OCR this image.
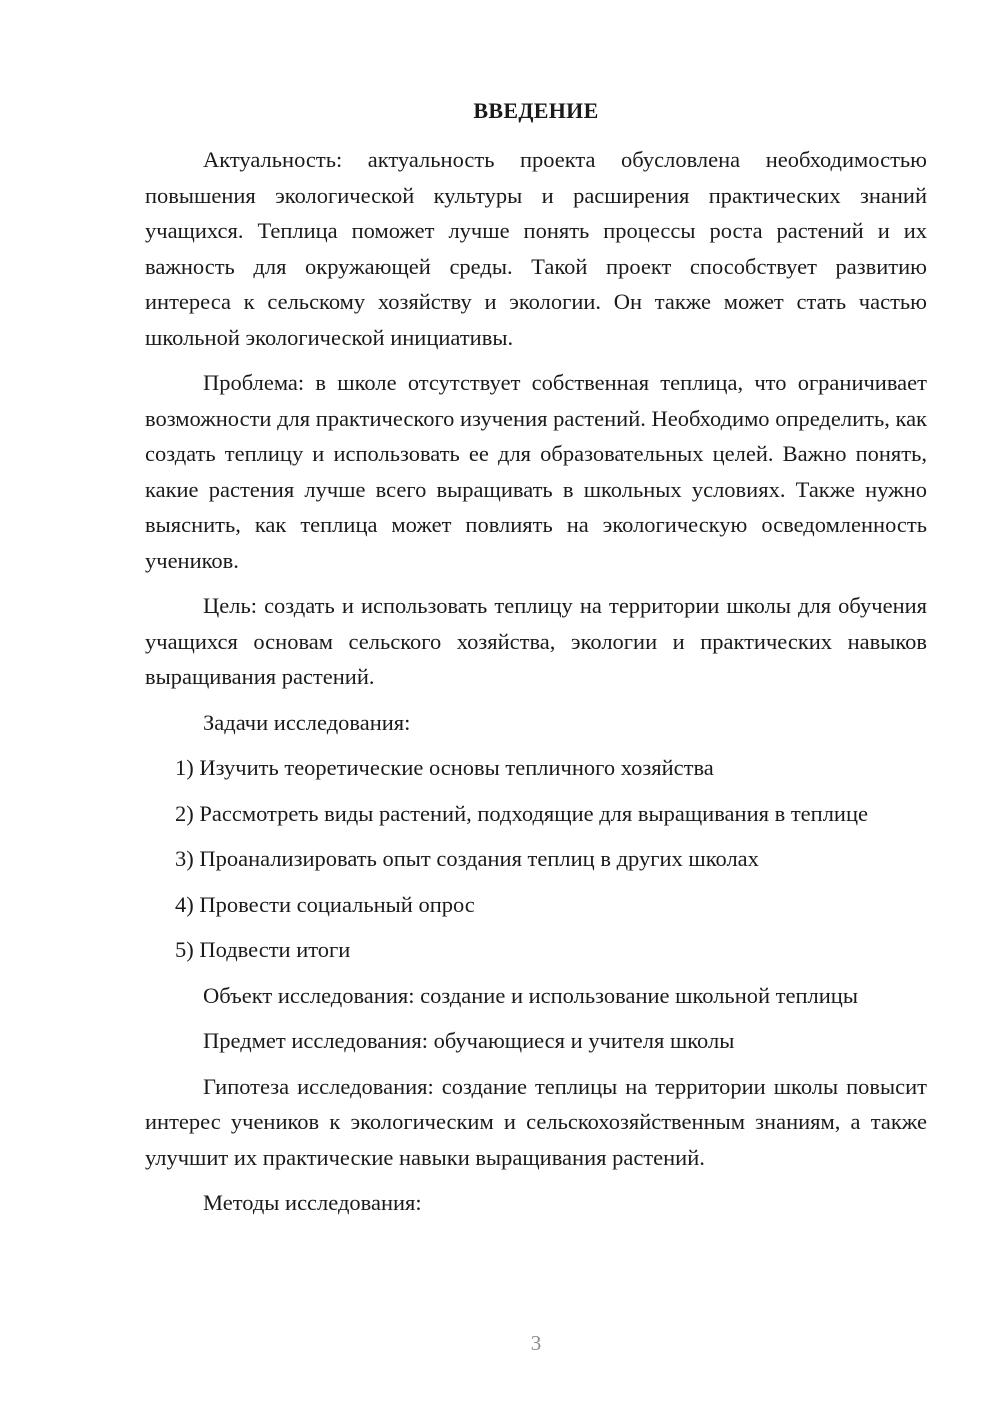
ВВЕДЕНИЕ

Актуальность: актуальность проекта обусловлена необходимостью повышения экологической культуры и расширения практических знаний учащихся. Теплица поможет лучше понять процессы роста растений и их важность для окружающей среды. Такой проект способствует развитию интереса к сельскому хозяйству и экологии. Он также может стать частью школьной экологической инициативы.

Проблема: в школе отсутствует собственная теплица, что ограничивает возможности для практического изучения растений. Необходимо определить, как создать теплицу и использовать ее для образовательных целей. Важно понять, какие растения лучше всего выращивать в школьных условиях. Также нужно выяснить, как теплица может повлиять на экологическую осведомленность учеников.

Цель: создать и использовать теплицу на территории школы для обучения учащихся основам сельского хозяйства, экологии и практических навыков выращивания растений.

Задачи исследования:

1) Изучить теоретические основы тепличного хозяйства

2) Рассмотреть виды растений, подходящие для выращивания в теплице

3) Проанализировать опыт создания теплиц в других школах

4) Провести социальный опрос

5) Подвести итоги

Объект исследования: создание и использование школьной теплицы

Предмет исследования: обучающиеся и учителя школы

Гипотеза исследования: создание теплицы на территории школы повысит интерес учеников к экологическим и сельскохозяйственным знаниям, а также улучшит их практические навыки выращивания растений.

Методы исследования:

3
